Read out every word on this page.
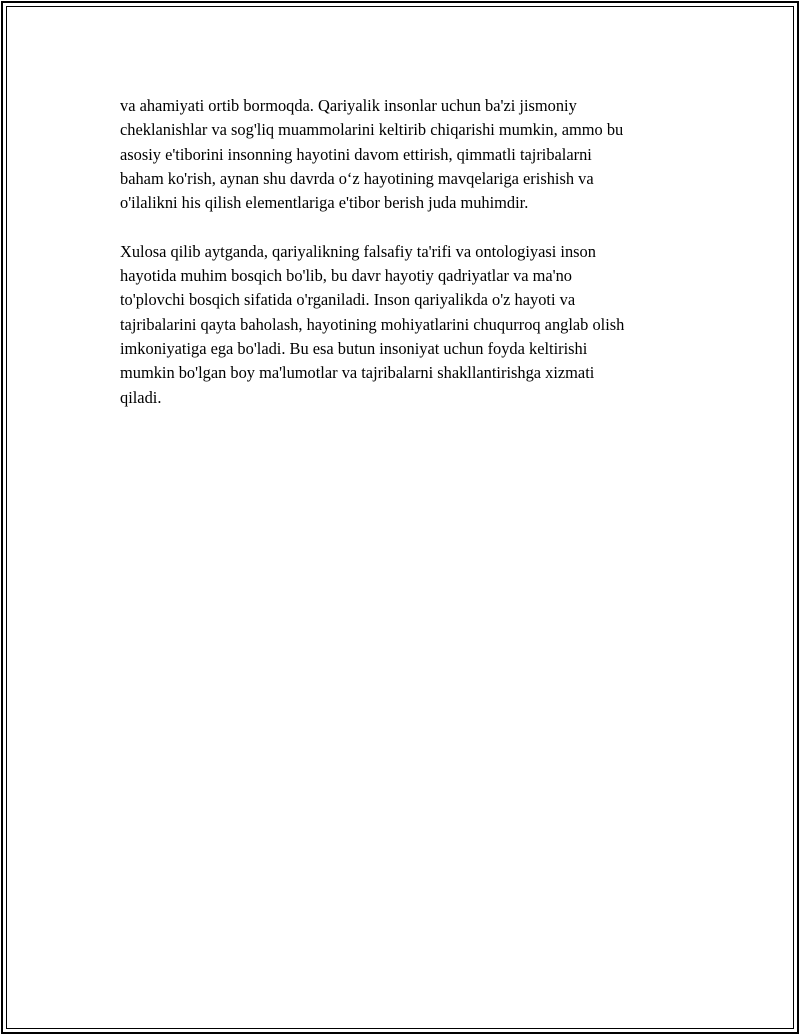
va ahamiyati ortib bormoqda. Qariyalik insonlar uchun ba'zi jismoniy
cheklanishlar va sog'liq muammolarini keltirib chiqarishi mumkin, ammo bu
asosiy e'tiborini insonning hayotini davom ettirish, qimmatli tajribalarni
baham ko'rish, aynan shu davrda o‘z hayotining mavqelariga erishish va
o'ilalikni his qilish elementlariga e'tibor berish juda muhimdir.
Xulosa qilib aytganda, qariyalikning falsafiy ta'rifi va ontologiyasi inson
hayotida muhim bosqich bo'lib, bu davr hayotiy qadriyatlar va ma'no
to'plovchi bosqich sifatida o'rganiladi. Inson qariyalikda o'z hayoti va
tajribalarini qayta baholash, hayotining mohiyatlarini chuqurroq anglab olish
imkoniyatiga ega bo'ladi. Bu esa butun insoniyat uchun foyda keltirishi
mumkin bo'lgan boy ma'lumotlar va tajribalarni shakllantirishga xizmati
qiladi.
